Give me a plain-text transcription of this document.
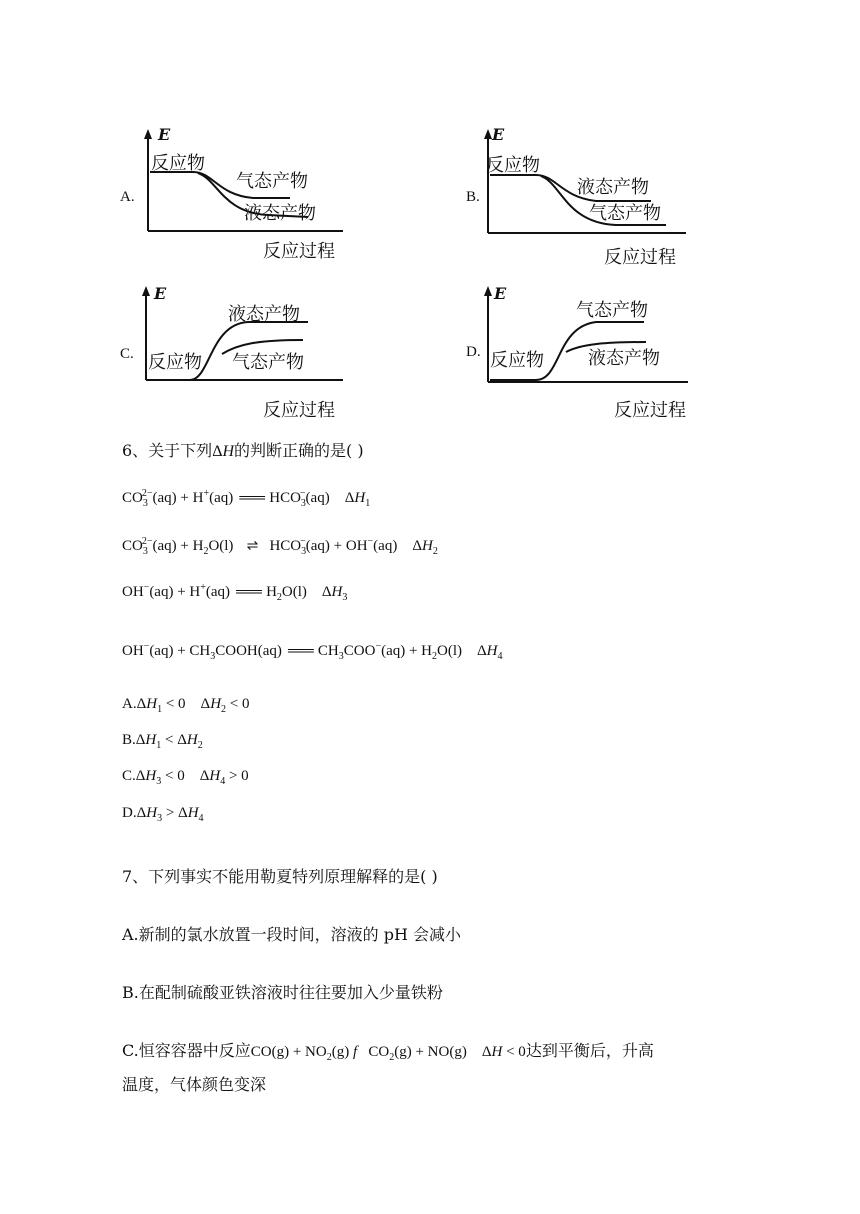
A.
E
反应物
气态产物
液态产物
反应过程
B.
E
反应物
液态产物
气态产物
反应过程
C.
E
液态产物
反应物 气态产物
反应过程
D.
E
气态产物
反应物 液态产物
反应过程
6、关于下列ΔH的判断正确的是( )
$CO_3^{2-}(aq) + H^+(aq)$ ═══ $HCO_3^-(aq)$    $\Delta H_1$
$CO_3^{2-}(aq) + H_2O(l)$ ⇌ $HCO_3^-(aq) + OH^-(aq)$    $\Delta H_2$
OH−(aq) + H+(aq) ═══ $H_2O(l)$    $\Delta H_3$
$OH^-(aq) + CH_3COOH(aq)$ ═══ $CH_3COO^-(aq) + H_2O(l)$    $\Delta H_4$
$A.\Delta H_1 < 0$    $\Delta H_2 < 0$
$B.\Delta H_1 < \Delta H_2$
$C.\Delta H_3 < 0$    $\Delta H_4 > 0$
$D.\Delta H_3 > \Delta H_4$
7、下列事实不能用勒夏特列原理解释的是( )
A.新制的氯水放置一段时间，溶液的 pH 会减小
B.在配制硫酸亚铁溶液时往往要加入少量铁粉
C.恒容容器中反应$CO(g) + NO_2(g)$ f   $CO_2(g) + NO(g)$    ΔH < 0达到平衡后，升高
温度，气体颜色变深
